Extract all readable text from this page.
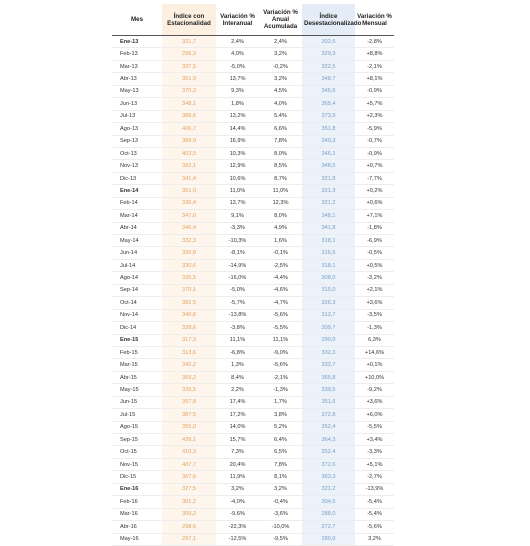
Mes	Índice con Estacionalidad	Variación % Interanual	Variación % Anual Acumulada	Índice Desestacionalizado	Variación % Mensual
Ene-13	321,7	2,4%	2,4%	302,6	-2,8%
Feb-13	299,9	4,0%	3,2%	329,3	+8,8%
Mar-13	337,5	-5,0%	-0,2%	322,5	-2,1%
Abr-13	351,9	13,7%	3,2%	348,7	+8,1%
May-13	370,3	9,3%	4,5%	345,6	-0,9%
Jun-13	348,1	1,8%	4,0%	365,4	+5,7%
Jul-13	388,6	13,2%	5,4%	373,9	+2,3%
Ago-13	406,7	14,4%	6,6%	351,8	-5,9%
Sep-13	389,9	16,9%	7,8%	349,3	-0,7%
Oct-13	403,5	10,3%	8,0%	346,1	-0,9%
Nov-13	393,1	12,9%	8,5%	348,5	+0,7%
Dic-13	341,4	10,6%	8,7%	321,8	-7,7%
Ene-14	351,0	11,0%	11,0%	321,3	+0,2%
Feb-14	336,4	13,7%	12,3%	321,2	+0,6%
Mar-14	347,0	9,1%	8,0%	348,1	+7,1%
Abr-14	346,4	-3,3%	4,9%	341,8	-1,8%
May-14	332,3	-10,3%	1,6%	318,1	-6,9%
Jun-14	320,8	-8,1%	-0,1%	316,6	-0,5%
Jul-14	330,6	-14,9%	-2,5%	318,1	+0,5%
Ago-14	336,5	-16,0%	-4,4%	308,0	-3,2%
Sep-14	370,1	-5,0%	-4,6%	315,0	+2,1%
Oct-14	382,5	-5,7%	-4,7%	326,3	+3,6%
Nov-14	340,8	-13,8%	-5,6%	313,7	-3,5%
Dic-14	328,6	-3,8%	-5,5%	309,7	-1,3%
Ene-15	317,3	11,1%	11,1%	290,0	6,3%
Feb-15	313,6	-6,8%	-9,0%	332,3	+14,6%
Mar-15	342,2	1,3%	-5,6%	332,7	+0,1%
Abr-15	369,2	8,4%	-2,1%	365,8	+10,0%
May-15	339,5	2,2%	-1,3%	339,5	-9,2%
Jun-15	357,8	17,4%	1,7%	351,6	+3,6%
Jul-15	387,5	17,2%	3,8%	372,8	+6,0%
Ago-15	355,0	14,0%	5,2%	352,4	-5,5%
Sep-15	428,1	15,7%	6,4%	364,3	+3,4%
Oct-15	410,3	7,3%	6,5%	352,4	-3,3%
Nov-15	407,7	20,4%	7,8%	372,6	+5,1%
Dic-15	367,6	11,9%	8,1%	363,3	-2,7%
Ene-16	327,5	3,2%	3,2%	321,2	-13,9%
Feb-16	301,2	-4,0%	-0,4%	304,5	-5,4%
Mar-16	309,2	-9,6%	-3,6%	288,0	-5,4%
Abr-16	298,6	-22,3%	-10,0%	272,7	-5,6%
May-16	297,1	-12,5%	-9,5%	280,0	3,2%
